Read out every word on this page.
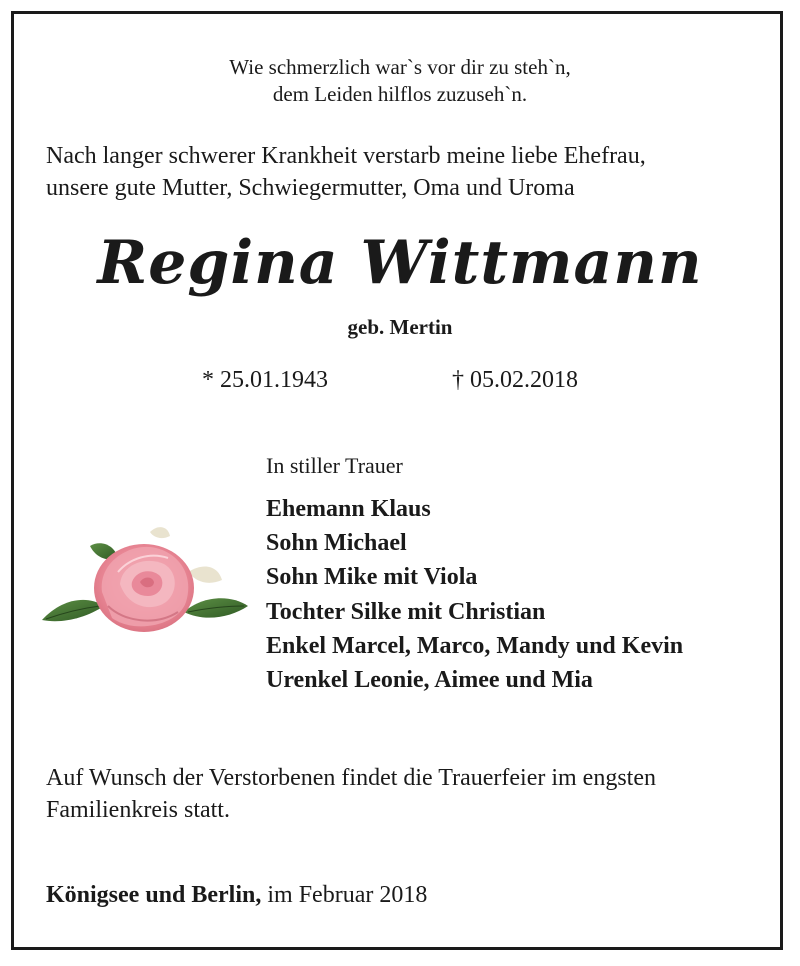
Wie schmerzlich war`s vor dir zu steh`n,
dem Leiden hilflos zuzuseh`n.
Nach langer schwerer Krankheit verstarb meine liebe Ehefrau,
unsere gute Mutter, Schwiegermutter, Oma und Uroma
Regina Wittmann
geb. Mertin
* 25.01.1943	† 05.02.2018
In stiller Trauer
Ehemann Klaus
Sohn Michael
Sohn Mike mit Viola
Tochter Silke mit Christian
Enkel Marcel, Marco, Mandy und Kevin
Urenkel Leonie, Aimee und Mia
Auf Wunsch der Verstorbenen findet die Trauerfeier im engsten
Familienkreis statt.
Königsee und Berlin, im Februar 2018
